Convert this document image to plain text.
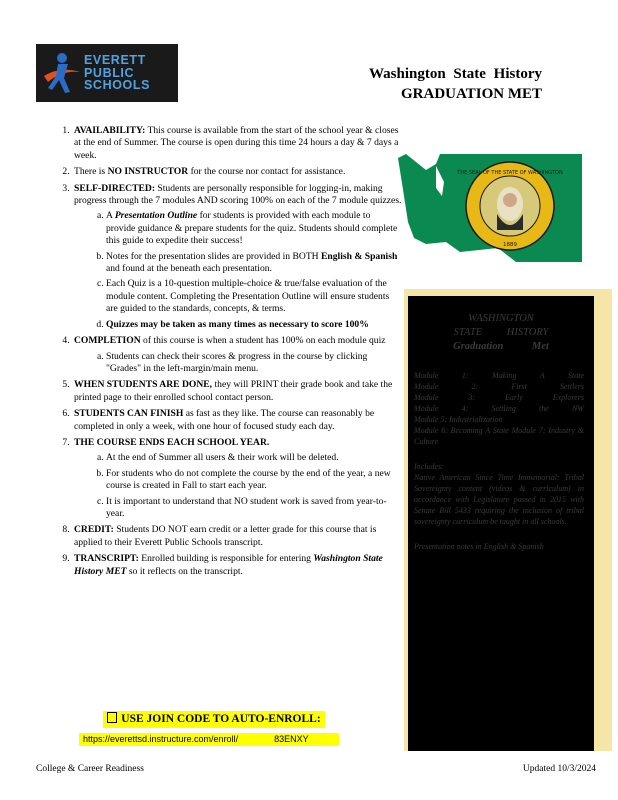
EVERETT
PUBLIC
SCHOOLS
Washington State History
GRADUATION MET
1. AVAILABILITY: This course is available from the start of the school year & closes at the end of Summer. The course is open during this time 24 hours a day & 7 days a week.
2. There is NO INSTRUCTOR for the course nor contact for assistance.
3. SELF-DIRECTED: Students are personally responsible for logging-in, making progress through the 7 modules AND scoring 100% on each of the 7 module quizzes.
a. A Presentation Outline for students is provided with each module to provide guidance & prepare students for the quiz. Students should complete this guide to expedite their success!
b. Notes for the presentation slides are provided in BOTH English & Spanish and found at the beneath each presentation.
c. Each Quiz is a 10-question multiple-choice & true/false evaluation of the module content. Completing the Presentation Outline will ensure students are guided to the standards, concepts, & terms.
d. Quizzes may be taken as many times as necessary to score 100%
4. COMPLETION of this course is when a student has 100% on each module quiz
a. Students can check their scores & progress in the course by clicking "Grades" in the left-margin/main menu.
5. WHEN STUDENTS ARE DONE, they will PRINT their grade book and take the printed page to their enrolled school contact person.
6. STUDENTS CAN FINISH as fast as they like. The course can reasonably be completed in only a week, with one hour of focused study each day.
7. THE COURSE ENDS EACH SCHOOL YEAR.
a. At the end of Summer all users & their work will be deleted.
b. For students who do not complete the course by the end of the year, a new course is created in Fall to start each year.
c. It is important to understand that NO student work is saved from year-to-year.
8. CREDIT: Students DO NOT earn credit or a letter grade for this course that is applied to their Everett Public Schools transcript.
9. TRANSCRIPT: Enrolled building is responsible for entering Washington State History MET so it reflects on the transcript.
USE JOIN CODE TO AUTO-ENROLL:
https://everettsd.instructure.com/enroll/	83ENXY
THE SEAL OF THE STATE OF WASHINGTON
1889
WASHINGTON
STATE HISTORY
Graduation Met
Module 1: Making A State
Module 2: First Settlers
Module 3: Early Explorers
Module 4: Settling the NW
Module 5: Industrialization
Module 6: Becoming A State Module 7: Industry & Culture
Includes:
Native American Since Time Immemorial: Tribal Sovereignty content (videos & curriculum) in accordance with Legislature passed in 2015 with Senate Bill 5433 requiring the inclusion of tribal sovereignty curriculum be taught in all schools.
Presentation notes in English & Spanish
College & Career Readiness	Updated 10/3/2024
